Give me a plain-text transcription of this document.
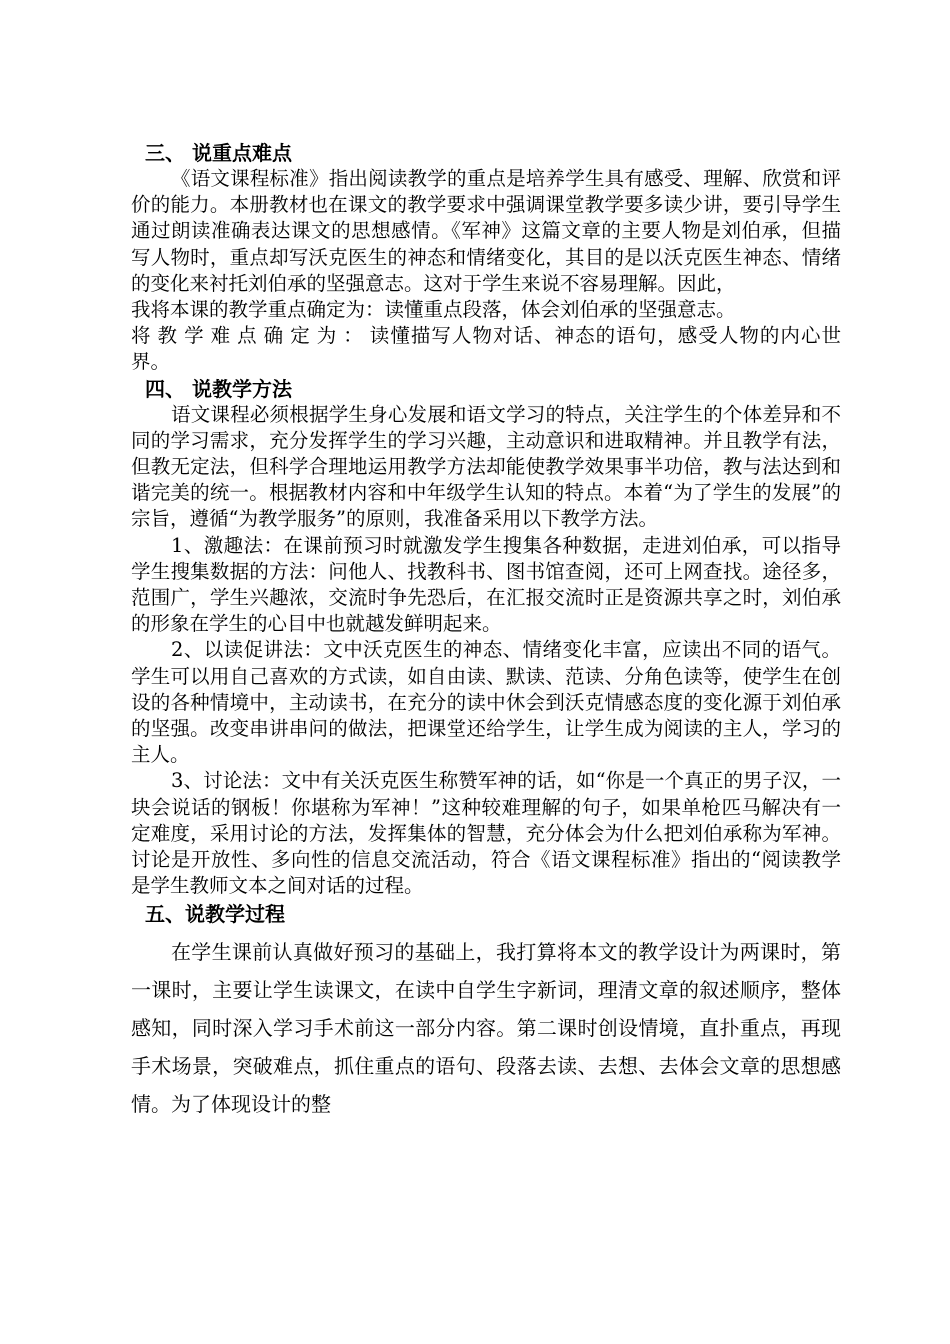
三、 说重点难点

《语文课程标准》指出阅读教学的重点是培养学生具有感受、理解、欣赏和评价的能力。本册教材也在课文的教学要求中强调课堂教学要多读少讲，要引导学生通过朗读准确表达课文的思想感情。《军神》这篇文章的主要人物是刘伯承，但描写人物时，重点却写沃克医生的神态和情绪变化，其目的是以沃克医生神态、情绪的变化来衬托刘伯承的坚强意志。这对于学生来说不容易理解。因此，

我将本课的教学重点确定为：读懂重点段落，体会刘伯承的坚强意志。

将教学难点确定为：读懂描写人物对话、神态的语句，感受人物的内心世界。

四、 说教学方法

语文课程必须根据学生身心发展和语文学习的特点，关注学生的个体差异和不同的学习需求，充分发挥学生的学习兴趣，主动意识和进取精神。并且教学有法，但教无定法，但科学合理地运用教学方法却能使教学效果事半功倍，教与法达到和谐完美的统一。根据教材内容和中年级学生认知的特点。本着“为了学生的发展”的宗旨，遵循“为教学服务”的原则，我准备采用以下教学方法。

1、激趣法：在课前预习时就激发学生搜集各种数据，走进刘伯承，可以指导学生搜集数据的方法：问他人、找教科书、图书馆查阅，还可上网查找。途径多，范围广，学生兴趣浓，交流时争先恐后，在汇报交流时正是资源共享之时，刘伯承的形象在学生的心目中也就越发鲜明起来。

2、以读促讲法：文中沃克医生的神态、情绪变化丰富，应读出不同的语气。学生可以用自己喜欢的方式读，如自由读、默读、范读、分角色读等，使学生在创设的各种情境中，主动读书，在充分的读中休会到沃克情感态度的变化源于刘伯承的坚强。改变串讲串问的做法，把课堂还给学生，让学生成为阅读的主人，学习的主人。

3、讨论法：文中有关沃克医生称赞军神的话，如“你是一个真正的男子汉，一块会说话的钢板！你堪称为军神！”这种较难理解的句子，如果单枪匹马解决有一定难度，采用讨论的方法，发挥集体的智慧，充分体会为什么把刘伯承称为军神。讨论是开放性、多向性的信息交流活动，符合《语文课程标准》指出的“阅读教学是学生教师文本之间对话的过程。

五、说教学过程

在学生课前认真做好预习的基础上，我打算将本文的教学设计为两课时，第一课时，主要让学生读课文，在读中自学生字新词，理清文章的叙述顺序，整体感知，同时深入学习手术前这一部分内容。第二课时创设情境，直扑重点，再现手术场景，突破难点，抓住重点的语句、段落去读、去想、去体会文章的思想感情。为了体现设计的整
